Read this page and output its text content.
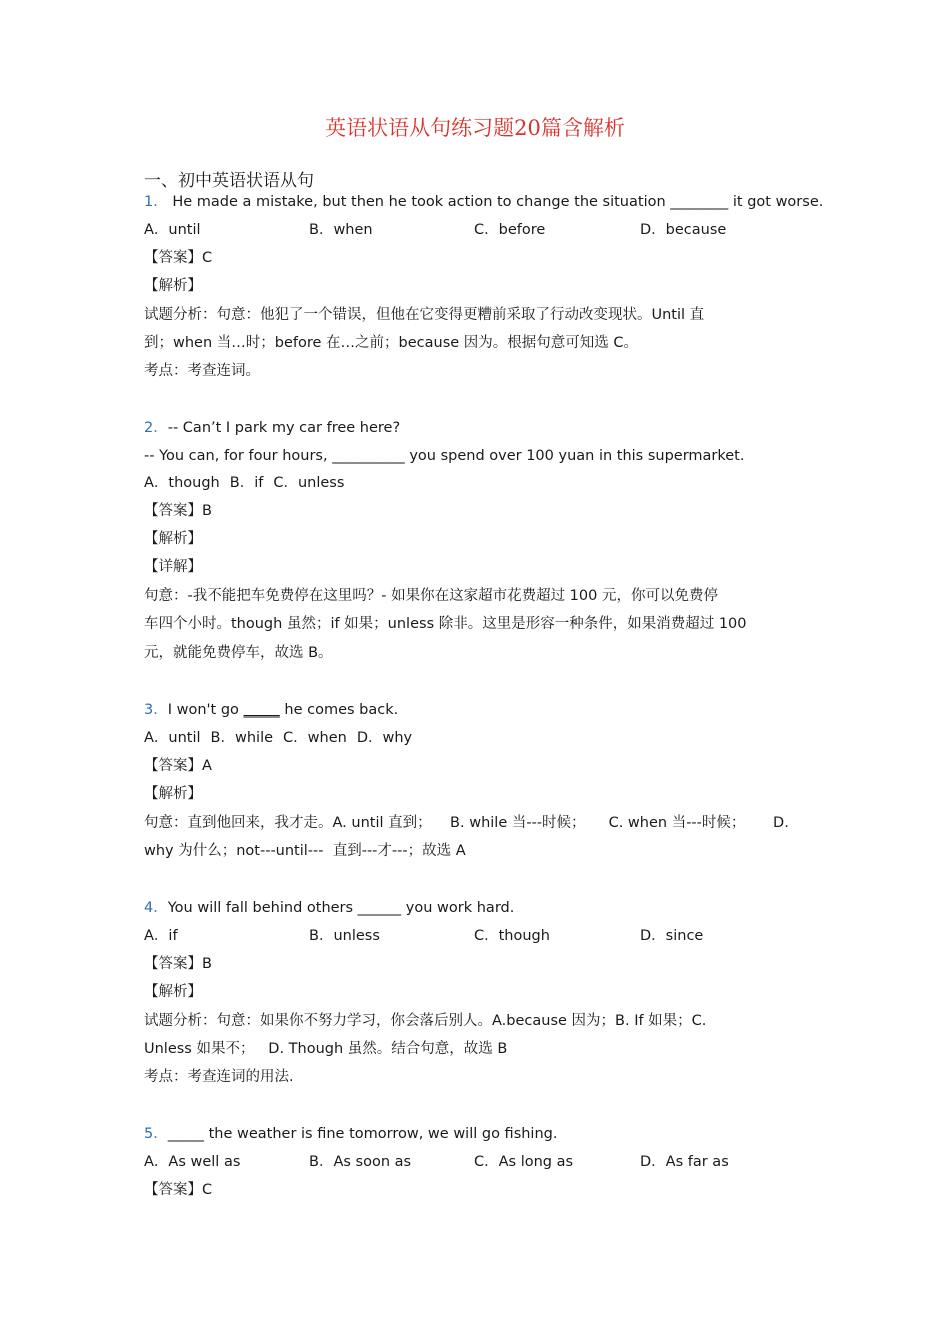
英语状语从句练习题20篇含解析
一、初中英语状语从句
1． He made a mistake, but then he took action to change the situation ________ it got worse.
A．until	B．when	C．before	D．because
【答案】C
【解析】
试题分析：句意：他犯了一个错误，但他在它变得更糟前采取了行动改变现状。Until 直
到；when 当…时；before 在…之前；because 因为。根据句意可知选 C。
考点：考查连词。
2．-- Can’t I park my car free here?
-- You can, for four hours, __________ you spend over 100 yuan in this supermarket.
A．though B．if C．unless
【答案】B
【解析】
【详解】
句意：-我不能把车免费停在这里吗？- 如果你在这家超市花费超过 100 元，你可以免费停
车四个小时。though 虽然；if 如果；unless 除非。这里是形容一种条件，如果消费超过 100
元，就能免费停车，故选 B。
3．I won't go _____ he comes back.
A．until B．while C．when D．why
【答案】A
【解析】
句意：直到他回来，我才走。A. until 直到；    B. while 当---时候；     C. when 当---时候；      D.
why 为什么；not---until---  直到---才---；故选 A
4．You will fall behind others ______ you work hard.
A．if	B．unless	C．though	D．since
【答案】B
【解析】
试题分析：句意：如果你不努力学习，你会落后别人。A.because 因为；B. If 如果；C.
Unless 如果不；   D. Though 虽然。结合句意，故选 B
考点：考查连词的用法.
5．_____ the weather is fine tomorrow, we will go fishing.
A．As well as	B．As soon as	C．As long as	D．As far as
【答案】C
